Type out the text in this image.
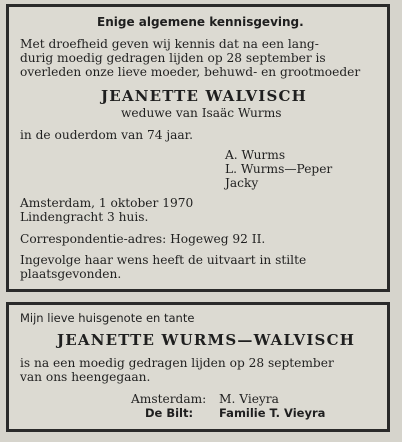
Enige algemene kennisgeving.
Met droefheid geven wij kennis dat na een lang-
durig moedig gedragen lijden op 28 september is
overleden onze lieve moeder, behuwd- en grootmoeder
JEANETTE WALVISCH
weduwe van Isaäc Wurms
in de ouderdom van 74 jaar.
A. Wurms
L. Wurms—Peper
Jacky
Amsterdam, 1 oktober 1970
Lindengracht 3 huis.
Correspondentie-adres: Hogeweg 92 II.
Ingevolge haar wens heeft de uitvaart in stilte
plaatsgevonden.
Mijn lieve huisgenote en tante
JEANETTE WURMS—WALVISCH
is na een moedig gedragen lijden op 28 september
van ons heengegaan.
Amsterdam: M. Vieyra
De Bilt: Familie T. Vieyra
